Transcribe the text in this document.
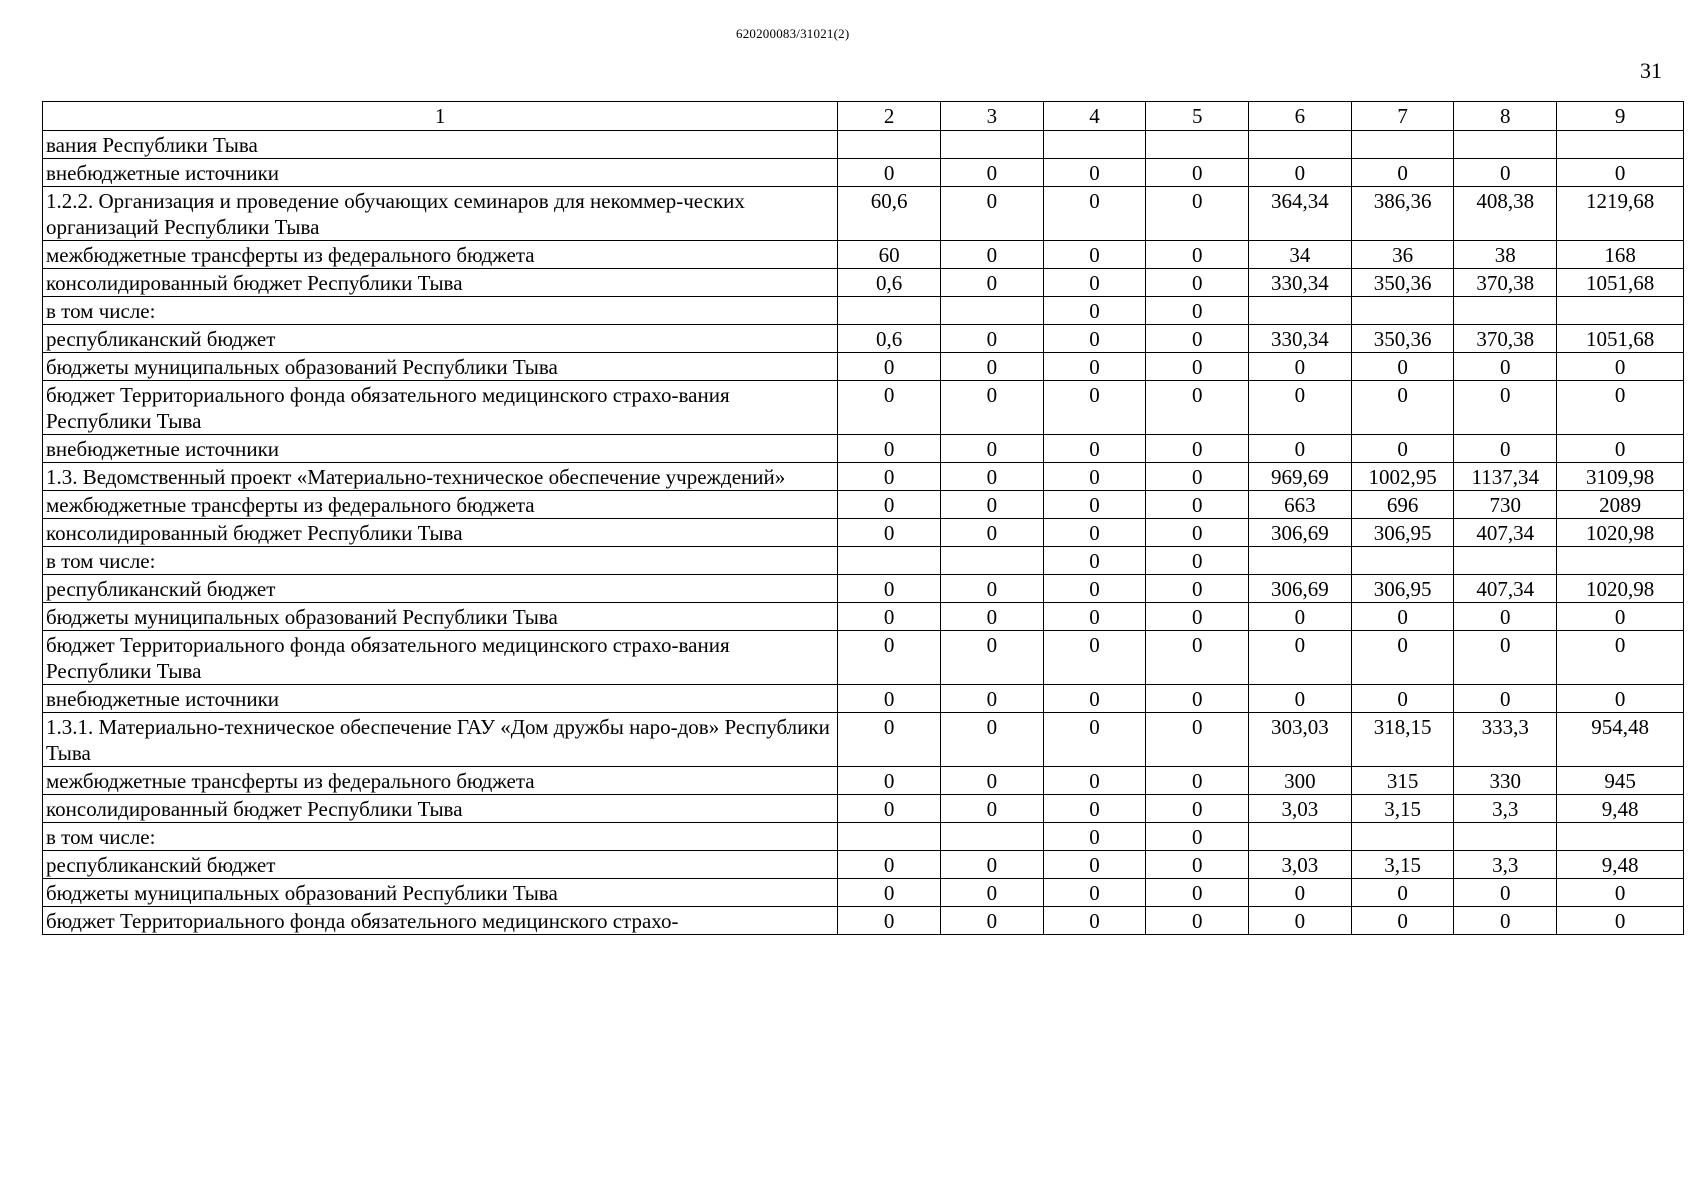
620200083/31021(2)
31
1	2	3	4	5	6	7	8	9
вания Республики Тыва								
внебюджетные источники	0	0	0	0	0	0	0	0
1.2.2. Организация и проведение обучающих семинаров для некоммер-ческих организаций Республики Тыва	60,6	0	0	0	364,34	386,36	408,38	1219,68
межбюджетные трансферты из федерального бюджета	60	0	0	0	34	36	38	168
консолидированный бюджет Республики Тыва	0,6	0	0	0	330,34	350,36	370,38	1051,68
в том числе:			0	0				
республиканский бюджет	0,6	0	0	0	330,34	350,36	370,38	1051,68
бюджеты муниципальных образований Республики Тыва	0	0	0	0	0	0	0	0
бюджет Территориального фонда обязательного медицинского страхо-вания Республики Тыва	0	0	0	0	0	0	0	0
внебюджетные источники	0	0	0	0	0	0	0	0
1.3. Ведомственный проект «Материально-техническое обеспечение учреждений»	0	0	0	0	969,69	1002,95	1137,34	3109,98
межбюджетные трансферты из федерального бюджета	0	0	0	0	663	696	730	2089
консолидированный бюджет Республики Тыва	0	0	0	0	306,69	306,95	407,34	1020,98
в том числе:			0	0				
республиканский бюджет	0	0	0	0	306,69	306,95	407,34	1020,98
бюджеты муниципальных образований Республики Тыва	0	0	0	0	0	0	0	0
бюджет Территориального фонда обязательного медицинского страхо-вания Республики Тыва	0	0	0	0	0	0	0	0
внебюджетные источники	0	0	0	0	0	0	0	0
1.3.1. Материально-техническое обеспечение ГАУ «Дом дружбы наро-дов» Республики Тыва	0	0	0	0	303,03	318,15	333,3	954,48
межбюджетные трансферты из федерального бюджета	0	0	0	0	300	315	330	945
консолидированный бюджет Республики Тыва	0	0	0	0	3,03	3,15	3,3	9,48
в том числе:			0	0				
республиканский бюджет	0	0	0	0	3,03	3,15	3,3	9,48
бюджеты муниципальных образований Республики Тыва	0	0	0	0	0	0	0	0
бюджет Территориального фонда обязательного медицинского страхо-	0	0	0	0	0	0	0	0
